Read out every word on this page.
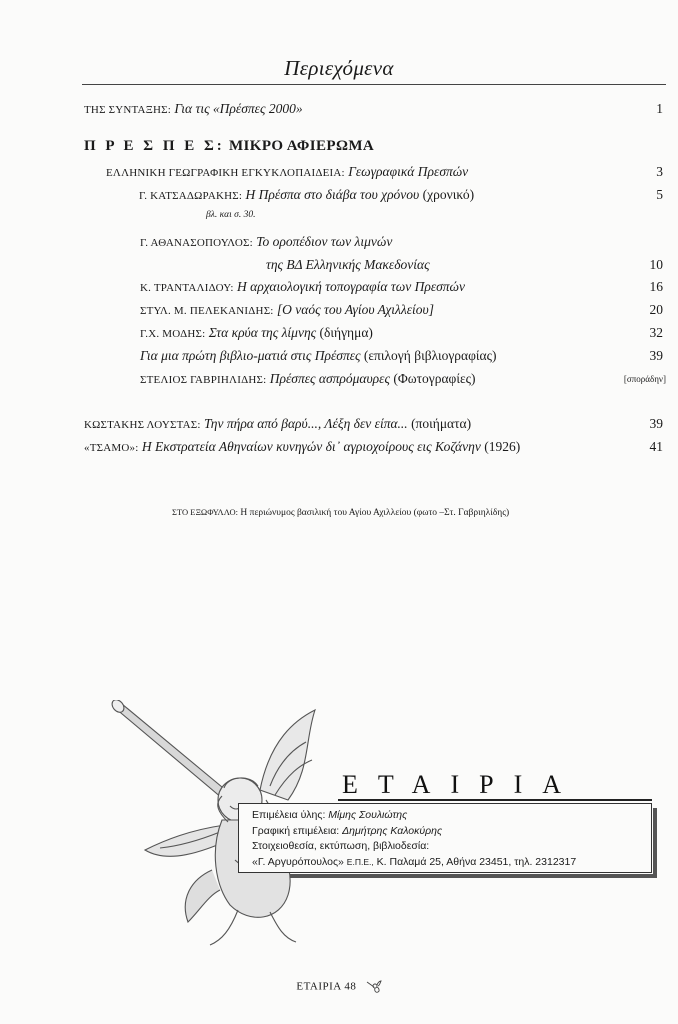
Περιεχόμενα
ΤΗΣ ΣΥΝΤΑΞΗΣ: Για τις «Πρέσπες 2000»	1
Π Ρ Ε Σ Π Ε Σ: ΜΙΚΡΟ ΑΦΙΕΡΩΜΑ
ΕΛΛΗΝΙΚΗ ΓΕΩΓΡΑΦΙΚΗ ΕΓΚΥΚΛΟΠΑΙΔΕΙΑ: Γεωγραφικά Πρεσπών	3
Γ. ΚΑΤΣΑΔΩΡΑΚΗΣ: Η Πρέσπα στο διάβα του χρόνου (χρονικό)	5
βλ. και σ. 30.
Γ. ΑΘΑΝΑΣΟΠΟΥΛΟΣ: Το οροπέδιον των λιμνών
της ΒΔ Ελληνικής Μακεδονίας	10
Κ. ΤΡΑΝΤΑΛΙΔΟΥ: Η αρχαιολογική τοπογραφία των Πρεσπών	16
ΣΤΥΛ. Μ. ΠΕΛΕΚΑΝΙΔΗΣ: [Ο ναός του Αγίου Αχιλλείου]	20
Γ.Χ. ΜΟΔΗΣ: Στα κρύα της λίμνης (διήγημα)	32
Για μια πρώτη βιβλιο-ματιά στις Πρέσπες (επιλογή βιβλιογραφίας)	39
ΣΤΕΛΙΟΣ ΓΑΒΡΙΗΛΙΔΗΣ: Πρέσπες ασπρόμαυρες (Φωτογραφίες)	[σποράδην]
ΚΩΣΤΑΚΗΣ ΛΟΥΣΤΑΣ: Την πήρα από βαρύ..., Λέξη δεν είπα... (ποιήματα)	39
«ΤΣΑΜΟ»: Η Εκστρατεία Αθηναίων κυνηγών δι᾽ αγριοχοίρους εις Κοζάνην (1926)	41
ΣΤΟ ΕΞΩΦΥΛΛΟ: Η περιώνυμος βασιλική του Αγίου Αχιλλείου (φωτο –Στ. Γαβριηλίδης)
ΕΤΑΙΡΙΑ
Επιμέλεια ύλης: Μίμης Σουλιώτης
Γραφική επιμέλεια: Δημήτρης Καλοκύρης
Στοιχειοθεσία, εκτύπωση, βιβλιοδεσία:
«Γ. Αργυρόπουλος» Ε.Π.Ε., Κ. Παλαμά 25, Αθήνα 23451, τηλ. 2312317
ΕΤΑΙΡΙΑ 48
